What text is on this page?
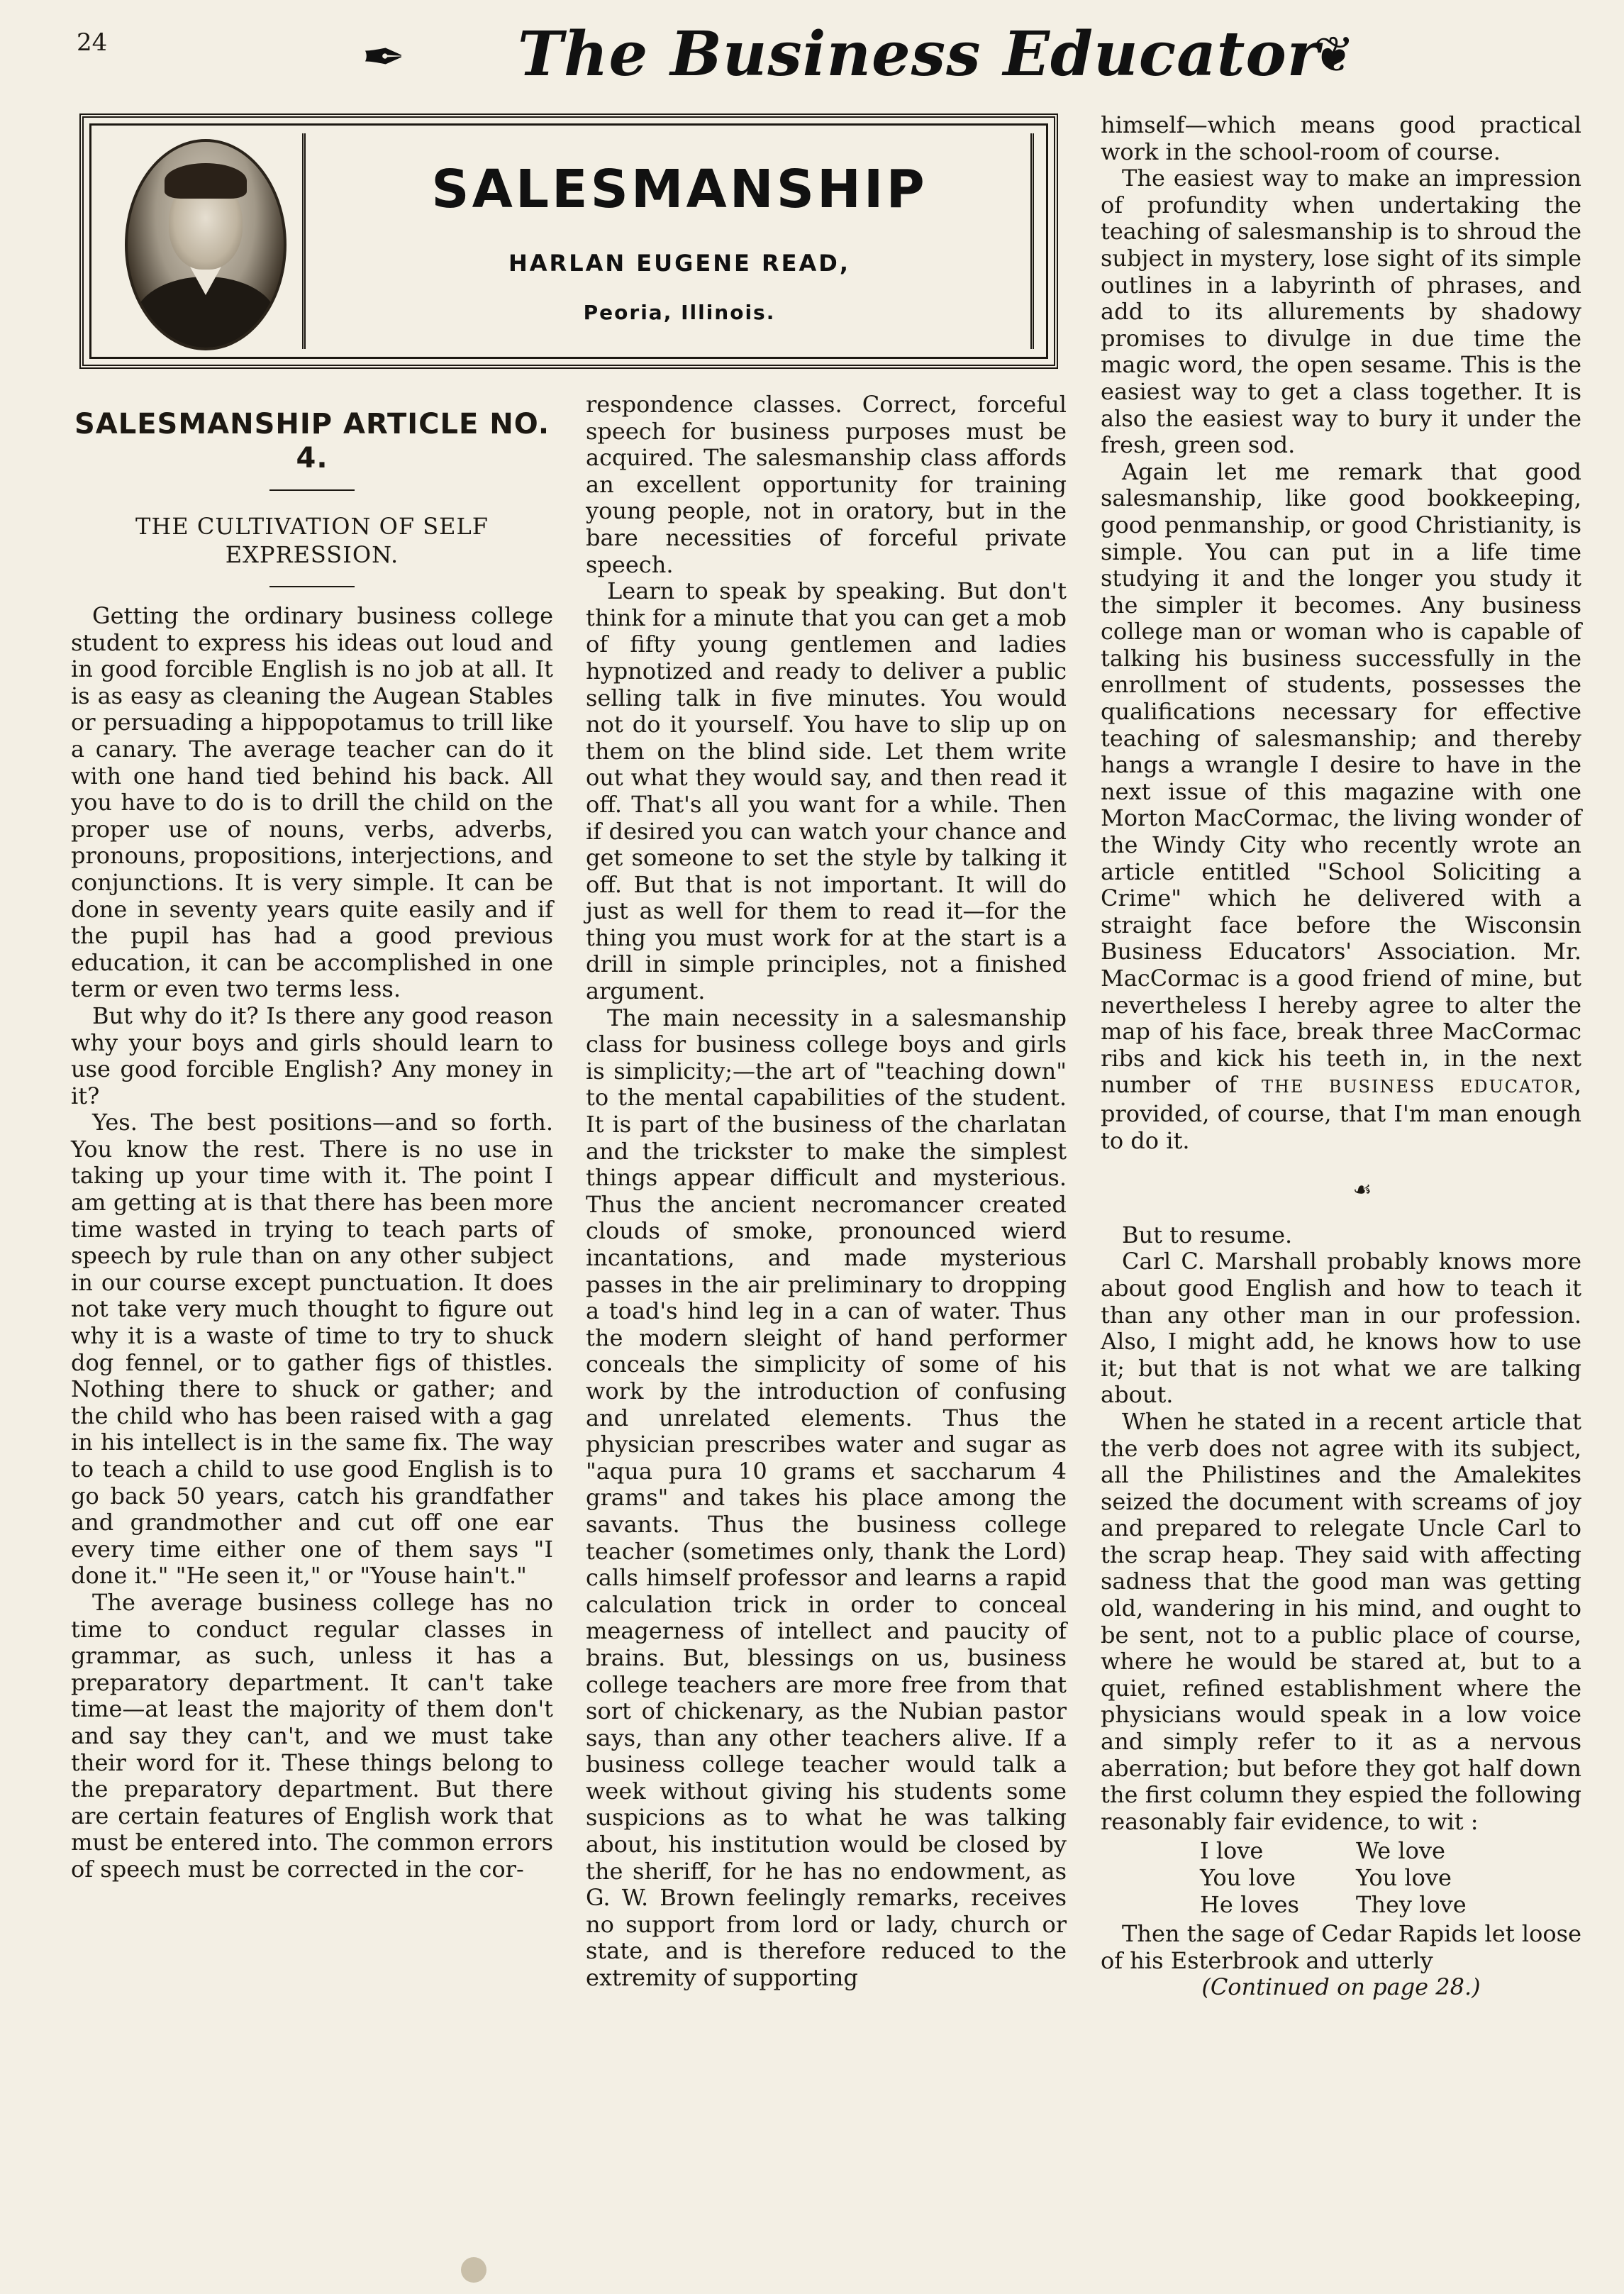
24	✒ The Business Educator
❦
SALESMANSHIP
HARLAN EUGENE READ,
Peoria, Illinois.
SALESMANSHIP ARTICLE NO. 4.
THE CULTIVATION OF SELF EXPRESSION.

Getting the ordinary business college student to express his ideas out loud and in good forcible English is no job at all. It is as easy as cleaning the Augean Stables or persuading a hippopotamus to trill like a canary. The average teacher can do it with one hand tied behind his back. All you have to do is to drill the child on the proper use of nouns, verbs, adverbs, pronouns, propositions, interjections, and conjunctions. It is very simple. It can be done in seventy years quite easily and if the pupil has had a good previous education, it can be accomplished in one term or even two terms less.

But why do it? Is there any good reason why your boys and girls should learn to use good forcible English? Any money in it?

Yes. The best positions—and so forth. You know the rest. There is no use in taking up your time with it. The point I am getting at is that there has been more time wasted in trying to teach parts of speech by rule than on any other subject in our course except punctuation. It does not take very much thought to figure out why it is a waste of time to try to shuck dog fennel, or to gather figs of thistles. Nothing there to shuck or gather; and the child who has been raised with a gag in his intellect is in the same fix. The way to teach a child to use good English is to go back 50 years, catch his grandfather and grandmother and cut off one ear every time either one of them says "I done it." "He seen it," or "Youse hain't."

The average business college has no time to conduct regular classes in grammar, as such, unless it has a preparatory department. It can't take time—at least the majority of them don't and say they can't, and we must take their word for it. These things belong to the preparatory department. But there are certain features of English work that must be entered into. The common errors of speech must be corrected in the cor-

respondence classes. Correct, forceful speech for business purposes must be acquired. The salesmanship class affords an excellent opportunity for training young people, not in oratory, but in the bare necessities of forceful private speech.

Learn to speak by speaking. But don't think for a minute that you can get a mob of fifty young gentlemen and ladies hypnotized and ready to deliver a public selling talk in five minutes. You would not do it yourself. You have to slip up on them on the blind side. Let them write out what they would say, and then read it off. That's all you want for a while. Then if desired you can watch your chance and get someone to set the style by talking it off. But that is not important. It will do just as well for them to read it—for the thing you must work for at the start is a drill in simple principles, not a finished argument.

The main necessity in a salesmanship class for business college boys and girls is simplicity;—the art of "teaching down" to the mental capabilities of the student. It is part of the business of the charlatan and the trickster to make the simplest things appear difficult and mysterious. Thus the ancient necromancer created clouds of smoke, pronounced wierd incantations, and made mysterious passes in the air preliminary to dropping a toad's hind leg in a can of water. Thus the modern sleight of hand performer conceals the simplicity of some of his work by the introduction of confusing and unrelated elements. Thus the physician prescribes water and sugar as "aqua pura 10 grams et saccharum 4 grams" and takes his place among the savants. Thus the business college teacher (sometimes only, thank the Lord) calls himself professor and learns a rapid calculation trick in order to conceal meagerness of intellect and paucity of brains. But, blessings on us, business college teachers are more free from that sort of chickenary, as the Nubian pastor says, than any other teachers alive. If a business college teacher would talk a week without giving his students some suspicions as to what he was talking about, his institution would be closed by the sheriff, for he has no endowment, as G. W. Brown feelingly remarks, receives no support from lord or lady, church or state, and is therefore reduced to the extremity of supporting

himself—which means good practical work in the school-room of course.

The easiest way to make an impression of profundity when undertaking the teaching of salesmanship is to shroud the subject in mystery, lose sight of its simple outlines in a labyrinth of phrases, and add to its allurements by shadowy promises to divulge in due time the magic word, the open sesame. This is the easiest way to get a class together. It is also the easiest way to bury it under the fresh, green sod.

Again let me remark that good salesmanship, like good bookkeeping, good penmanship, or good Christianity, is simple. You can put in a life time studying it and the longer you study it the simpler it becomes. Any business college man or woman who is capable of talking his business successfully in the enrollment of students, possesses the qualifications necessary for effective teaching of salesmanship; and thereby hangs a wrangle I desire to have in the next issue of this magazine with one Morton MacCormac, the living wonder of the Windy City who recently wrote an article entitled "School Soliciting a Crime" which he delivered with a straight face before the Wisconsin Business Educators' Association. Mr. MacCormac is a good friend of mine, but nevertheless I hereby agree to alter the map of his face, break three MacCormac ribs and kick his teeth in, in the next number of THE BUSINESS EDUCATOR, provided, of course, that I'm man enough to do it.

☙

But to resume.

Carl C. Marshall probably knows more about good English and how to teach it than any other man in our profession. Also, I might add, he knows how to use it; but that is not what we are talking about.

When he stated in a recent article that the verb does not agree with its subject, all the Philistines and the Amalekites seized the document with screams of joy and prepared to relegate Uncle Carl to the scrap heap. They said with affecting sadness that the good man was getting old, wandering in his mind, and ought to be sent, not to a public place of course, where he would be stared at, but to a quiet, refined establishment where the physicians would speak in a low voice and simply refer to it as a nervous aberration; but before they got half down the first column they espied the following reasonably fair evidence, to wit :

I love	We love
You love	You love
He loves	They love

Then the sage of Cedar Rapids let loose of his Esterbrook and utterly

(Continued on page 28.)
